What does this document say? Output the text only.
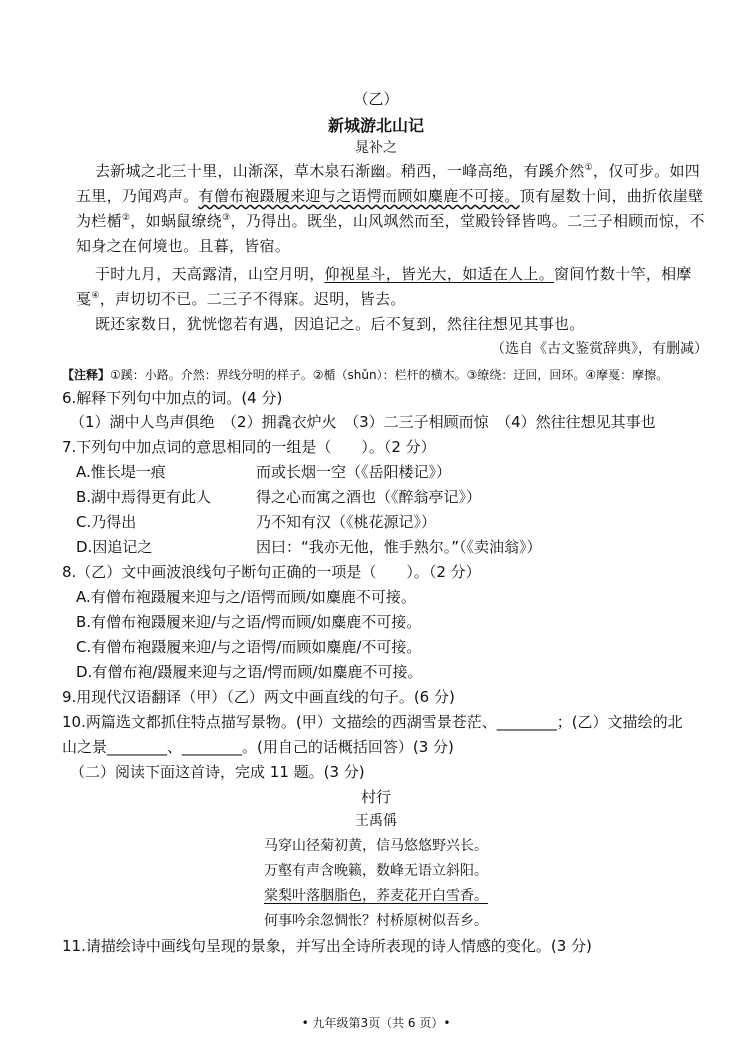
（乙）
新城游北山记
晁补之
去新城之北三十里，山渐深，草木泉石渐幽。稍西，一峰高绝，有蹊介然①，仅可步。如四
五里，乃闻鸡声。有僧布袍蹑履来迎与之语愕而顾如麋鹿不可接。顶有屋数十间，曲折依崖壁
为栏楯②，如蜗鼠缭绕③，乃得出。既坐，山风飒然而至，堂殿铃铎皆鸣。二三子相顾而惊，不
知身之在何境也。且暮，皆宿。
于时九月，天高露清，山空月明，仰视星斗，皆光大，如适在人上。窗间竹数十竿，相摩
戛④，声切切不已。二三子不得寐。迟明，皆去。
既还家数日，犹恍惚若有遇，因追记之。后不复到，然往往想见其事也。
（选自《古文鉴赏辞典》，有删减）
【注释】①蹊：小路。介然：界线分明的样子。②楯（shǔn）：栏杆的横木。③缭绕：迂回，回环。④摩戛：摩擦。
6.解释下列句中加点的词。(4 分)
（1）湖中人鸟声俱绝　（2）拥毳衣炉火　（3）二三子相顾而惊　（4）然往往想见其事也
7.下列句中加点词的意思相同的一组是（　　）。（2 分）
A.惟长堤一痕	而或长烟一空（《岳阳楼记》）
B.湖中焉得更有此人	得之心而寓之酒也（《醉翁亭记》）
C.乃得出	乃不知有汉（《桃花源记》）
D.因追记之	因曰：“我亦无他，惟手熟尔。”（《卖油翁》）
8.（乙）文中画波浪线句子断句正确的一项是（　　）。（2 分）
A.有僧布袍蹑履来迎与之/语愕而顾/如麋鹿不可接。
B.有僧布袍蹑履来迎/与之语/愕而顾/如麋鹿不可接。
C.有僧布袍蹑履来迎/与之语愕/而顾如麋鹿/不可接。
D.有僧布袍/蹑履来迎与之语/愕而顾/如麋鹿不可接。
9.用现代汉语翻译（甲）（乙）两文中画直线的句子。(6 分)
10.两篇选文都抓住特点描写景物。(甲）文描绘的西湖雪景苍茫、________；(乙）文描绘的北
山之景________、________。(用自己的话概括回答）(3 分)
（二）阅读下面这首诗，完成 11 题。(3 分)
村行
王禹偁
马穿山径菊初黄，信马悠悠野兴长。
万壑有声含晚籁，数峰无语立斜阳。
棠梨叶落胭脂色，荞麦花开白雪香。
何事吟余忽惆怅？村桥原树似吾乡。
11.请描绘诗中画线句呈现的景象，并写出全诗所表现的诗人情感的变化。(3 分)
• 九年级第3页（共 6 页）•
